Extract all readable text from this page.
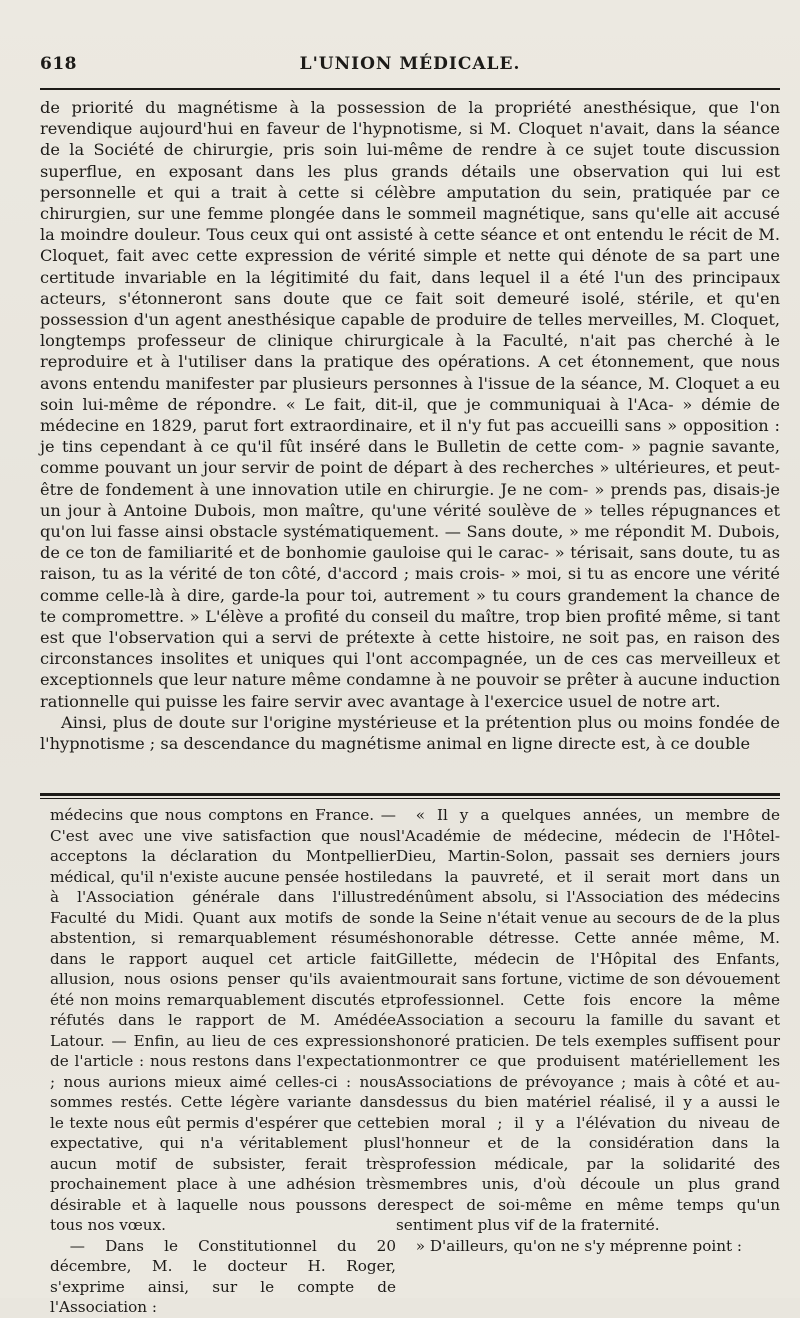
618	L'UNION MÉDICALE.

de priorité du magnétisme à la possession de la propriété anesthésique, que l'on revendique aujourd'hui en faveur de l'hypnotisme, si M. Cloquet n'avait, dans la séance de la Société de chirurgie, pris soin lui-même de rendre à ce sujet toute discussion superflue, en exposant dans les plus grands détails une observation qui lui est personnelle et qui a trait à cette si célèbre amputation du sein, pratiquée par ce chirurgien, sur une femme plongée dans le sommeil magnétique, sans qu'elle ait accusé la moindre douleur. Tous ceux qui ont assisté à cette séance et ont entendu le récit de M. Cloquet, fait avec cette expression de vérité simple et nette qui dénote de sa part une certitude invariable en la légitimité du fait, dans lequel il a été l'un des principaux acteurs, s'étonneront sans doute que ce fait soit demeuré isolé, stérile, et qu'en possession d'un agent anesthésique capable de produire de telles merveilles, M. Cloquet, longtemps professeur de clinique chirurgicale à la Faculté, n'ait pas cherché à le reproduire et à l'utiliser dans la pratique des opérations. A cet étonnement, que nous avons entendu manifester par plusieurs personnes à l'issue de la séance, M. Cloquet a eu soin lui-même de répondre. « Le fait, dit-il, que je communiquai à l'Aca- » démie de médecine en 1829, parut fort extraordinaire, et il n'y fut pas accueilli sans » opposition : je tins cependant à ce qu'il fût inséré dans le Bulletin de cette com- » pagnie savante, comme pouvant un jour servir de point de départ à des recherches » ultérieures, et peut-être de fondement à une innovation utile en chirurgie. Je ne com- » prends pas, disais-je un jour à Antoine Dubois, mon maître, qu'une vérité soulève de » telles répugnances et qu'on lui fasse ainsi obstacle systématiquement. — Sans doute, » me répondit M. Dubois, de ce ton de familiarité et de bonhomie gauloise qui le carac- » térisait, sans doute, tu as raison, tu as la vérité de ton côté, d'accord ; mais crois- » moi, si tu as encore une vérité comme celle-là à dire, garde-la pour toi, autrement » tu cours grandement la chance de te compromettre. » L'élève a profité du conseil du maître, trop bien profité même, si tant est que l'observation qui a servi de prétexte à cette histoire, ne soit pas, en raison des circonstances insolites et uniques qui l'ont accompagnée, un de ces cas merveilleux et exceptionnels que leur nature même condamne à ne pouvoir se prêter à aucune induction rationnelle qui puisse les faire servir avec avantage à l'exercice usuel de notre art.

Ainsi, plus de doute sur l'origine mystérieuse et la prétention plus ou moins fondée de l'hypnotisme ; sa descendance du magnétisme animal en ligne directe est, à ce double

médecins que nous comptons en France. — C'est avec une vive satisfaction que nous acceptons la déclaration du Montpellier médical, qu'il n'existe aucune pensée hostile à l'Association générale dans l'illustre Faculté du Midi. Quant aux motifs de son abstention, si remarquablement résumés dans le rapport auquel cet article fait allusion, nous osions penser qu'ils avaient été non moins remarquablement discutés et réfutés dans le rapport de M. Amédée Latour. — Enfin, au lieu de ces expressions de l'article : nous restons dans l'expectation ; nous aurions mieux aimé celles-ci : nous sommes restés. Cette légère variante dans le texte nous eût permis d'espérer que cette expectative, qui n'a véritablement plus aucun motif de subsister, ferait très prochainement place à une adhésion très désirable et à laquelle nous poussons de tous nos vœux.

— Dans le Constitutionnel du 20 décembre, M. le docteur H. Roger, s'exprime ainsi, sur le compte de l'Association :

« Il y a quelques années, un membre de l'Académie de médecine, médecin de l'Hôtel-Dieu, Martin-Solon, passait ses derniers jours dans la pauvreté, et il serait mort dans un dénûment absolu, si l'Association des médecins de la Seine n'était venue au secours de de la plus honorable détresse. Cette année même, M. Gillette, médecin de l'Hôpital des Enfants, mourait sans fortune, victime de son dévouement professionnel. Cette fois encore la même Association a secouru la famille du savant et honoré praticien. De tels exemples suffisent pour montrer ce que produisent matériellement les Associations de prévoyance ; mais à côté et au-dessus du bien matériel réalisé, il y a aussi le bien moral ; il y a l'élévation du niveau de l'honneur et de la considération dans la profession médicale, par la solidarité des membres unis, d'où découle un plus grand respect de soi-même en même temps qu'un sentiment plus vif de la fraternité.

» D'ailleurs, qu'on ne s'y méprenne point :
